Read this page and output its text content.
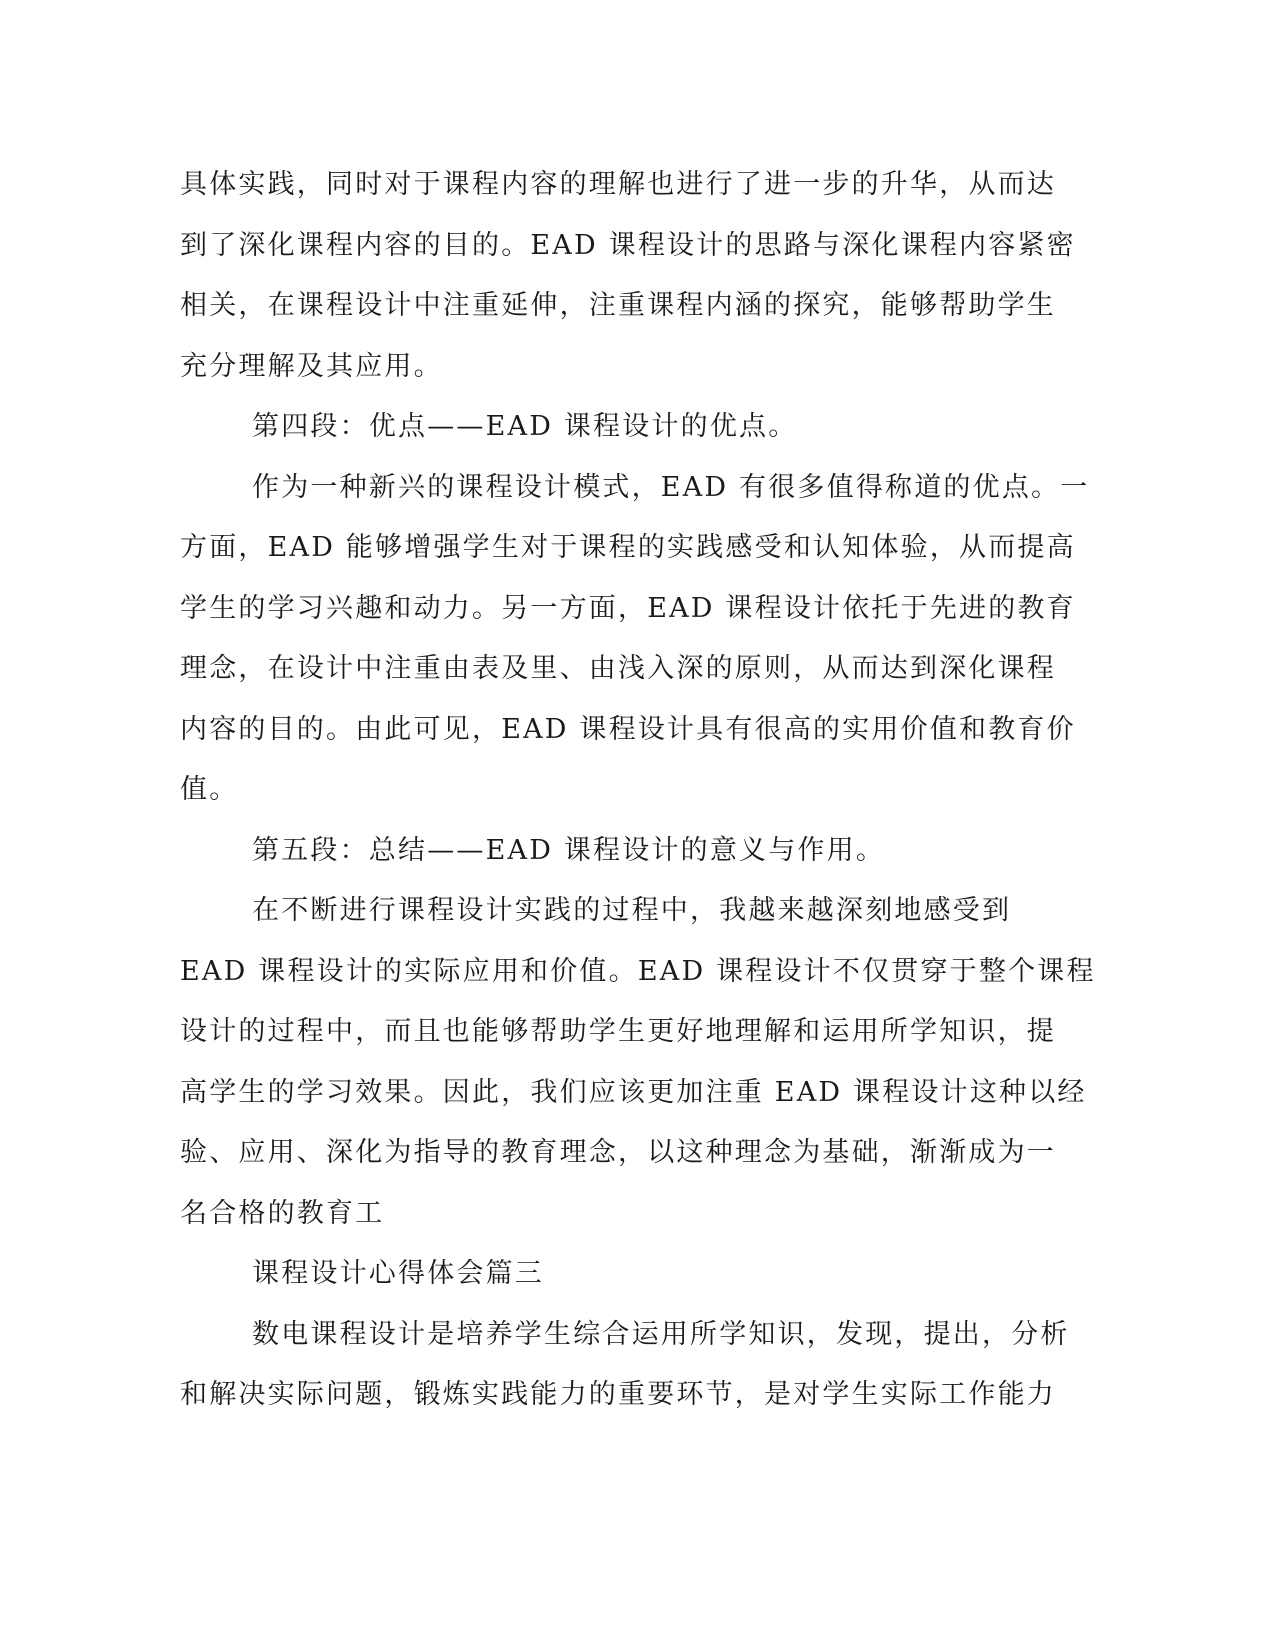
具体实践，同时对于课程内容的理解也进行了进一步的升华，从而达
到了深化课程内容的目的。EAD 课程设计的思路与深化课程内容紧密
相关，在课程设计中注重延伸，注重课程内涵的探究，能够帮助学生
充分理解及其应用。
第四段：优点——EAD 课程设计的优点。
作为一种新兴的课程设计模式，EAD 有很多值得称道的优点。一
方面，EAD 能够增强学生对于课程的实践感受和认知体验，从而提高
学生的学习兴趣和动力。另一方面，EAD 课程设计依托于先进的教育
理念，在设计中注重由表及里、由浅入深的原则，从而达到深化课程
内容的目的。由此可见，EAD 课程设计具有很高的实用价值和教育价
值。
第五段：总结——EAD 课程设计的意义与作用。
在不断进行课程设计实践的过程中，我越来越深刻地感受到
EAD 课程设计的实际应用和价值。EAD 课程设计不仅贯穿于整个课程
设计的过程中，而且也能够帮助学生更好地理解和运用所学知识，提
高学生的学习效果。因此，我们应该更加注重 EAD 课程设计这种以经
验、应用、深化为指导的教育理念，以这种理念为基础，渐渐成为一
名合格的教育工
课程设计心得体会篇三
数电课程设计是培养学生综合运用所学知识，发现，提出，分析
和解决实际问题，锻炼实践能力的重要环节，是对学生实际工作能力
